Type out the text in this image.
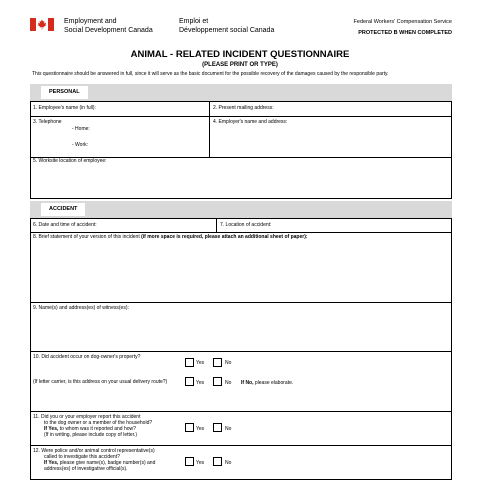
Employment and
Social Development Canada
Emploi et
Développement social Canada
Federal Workers' Compensation Service
PROTECTED B WHEN COMPLETED
ANIMAL - RELATED INCIDENT QUESTIONNAIRE
(PLEASE PRINT OR TYPE)
This questionnaire should be answered in full, since it will serve as the basic document for the possible recovery of the damages caused by the responsible party.
PERSONAL
1. Employee's name (in full):	2. Present mailing address:
3. Telephone
- Home:
- Work:
4. Employer's name and address:
5. Worksite location of employee:
ACCIDENT
6. Date and time of accident:	7. Location of accident:
8. Brief statement of your version of this incident (if more space is required, please attach an additional sheet of paper):
9. Name(s) and address(es) of witness(es):
10. Did accident occur on dog-owner's property?
Yes	No
(If letter carrier, is this address on your usual delivery route?)	Yes	No If No, please elaborate.
11. Did you or your employer report this accident
to the dog owner or a member of the household?
If Yes, to whom was it reported and how?
(If in writing, please include copy of letter.)
Yes	No
12. Were police and/or animal control representative(s)
called to investigate this accident?
If Yes, please give name(s), badge number(s) and
address(es) of investigative official(s).
Yes	No
